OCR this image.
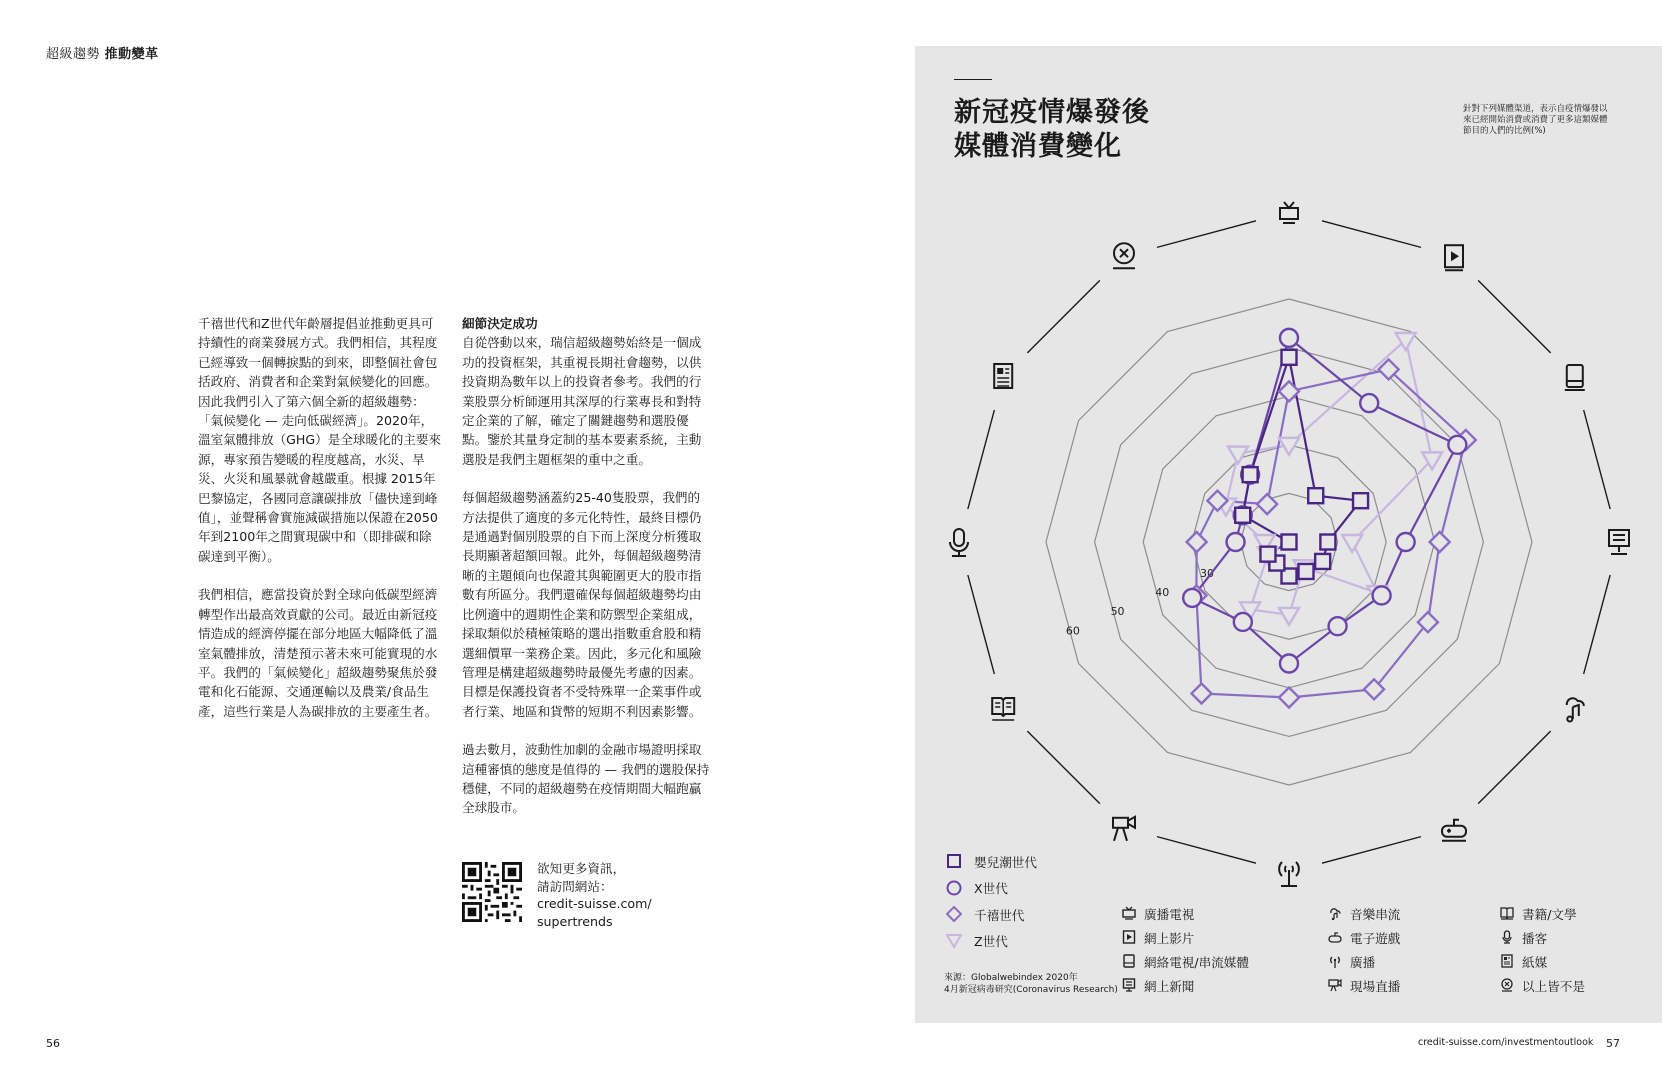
超級趨勢 推動變革

千禧世代和Z世代年齡層提倡並推動更具可持續性的商業發展方式。我們相信，其程度已經導致一個轉捩點的到來，即整個社會包括政府、消費者和企業對氣候變化的回應。因此我們引入了第六個全新的超級趨勢：「氣候變化 — 走向低碳經濟」。2020年，溫室氣體排放（GHG）是全球暖化的主要來源，專家預告變暖的程度越高，水災、旱災、火災和風暴就會越嚴重。根據 2015年巴黎協定，各國同意讓碳排放「儘快達到峰值」，並聲稱會實施減碳措施以保證在2050年到2100年之間實現碳中和（即排碳和除碳達到平衡）。

我們相信，應當投資於對全球向低碳型經濟轉型作出最高效貢獻的公司。最近由新冠疫情造成的經濟停擺在部分地區大幅降低了溫室氣體排放，清楚預示著未來可能實現的水平。我們的「氣候變化」超級趨勢聚焦於發電和化石能源、交通運輸以及農業/食品生產，這些行業是人為碳排放的主要產生者。

細節決定成功

自從啓動以來，瑞信超級趨勢始終是一個成功的投資框架，其重視長期社會趨勢，以供投資期為數年以上的投資者參考。我們的行業股票分析師運用其深厚的行業專長和對特定企業的了解，確定了關鍵趨勢和選股優點。鑒於其量身定制的基本要素系統，主動選股是我們主題框架的重中之重。

每個超級趨勢涵蓋約25-40隻股票，我們的方法提供了適度的多元化特性，最終目標仍是通過對個別股票的自下而上深度分析獲取長期顯著超額回報。此外，每個超級趨勢清晰的主題傾向也保證其與範圍更大的股市指數有所區分。我們還確保每個超級趨勢均由比例適中的週期性企業和防禦型企業組成，採取類似於積極策略的選出指數重倉股和精選細價單一業務企業。因此，多元化和風險管理是構建超級趨勢時最優先考慮的因素。目標是保護投資者不受特殊單一企業事件或者行業、地區和貨幣的短期不利因素影響。

過去數月，波動性加劇的金融市場證明採取這種審慎的態度是值得的 — 我們的選股保持穩健，不同的超級趨勢在疫情期間大幅跑贏全球股市。

欲知更多資訊，
請訪問網站：
credit-suisse.com/
supertrends
56	credit-suisse.com/investmentoutlook 57
新冠疫情爆發後
媒體消費變化
針對下列媒體渠道，表示自疫情爆發以來已經開始消費或消費了更多這類媒體節目的人們的比例(%)
30
40
50
60
嬰兒潮世代
X世代
千禧世代
Z世代
來源：Globalwebindex 2020年
4月新冠病毒研究(Coronavirus Research)
廣播電視
網上影片
網絡電視/串流媒體
網上新聞
音樂串流
電子遊戲
廣播
現場直播
書籍/文學
播客
紙媒
以上皆不是
